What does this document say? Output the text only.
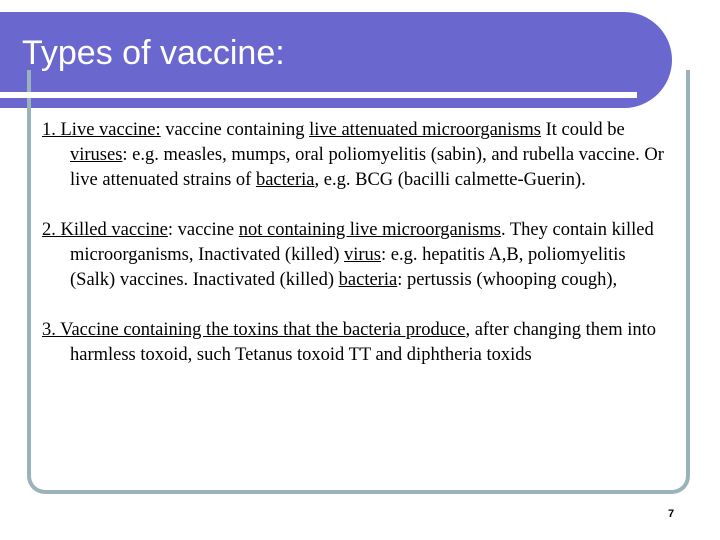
Types of vaccine:

1. Live vaccine: vaccine containing live attenuated microorganisms It could be viruses: e.g. measles, mumps, oral poliomyelitis (sabin), and rubella vaccine. Or live attenuated strains of bacteria, e.g. BCG (bacilli calmette-Guerin).

2. Killed vaccine: vaccine not containing live microorganisms. They contain killed microorganisms, Inactivated (killed) virus: e.g. hepatitis A,B, poliomyelitis (Salk) vaccines. Inactivated (killed) bacteria: pertussis (whooping cough),

3. Vaccine containing the toxins that the bacteria produce, after changing them into harmless toxoid, such Tetanus toxoid TT and diphtheria toxids

7
